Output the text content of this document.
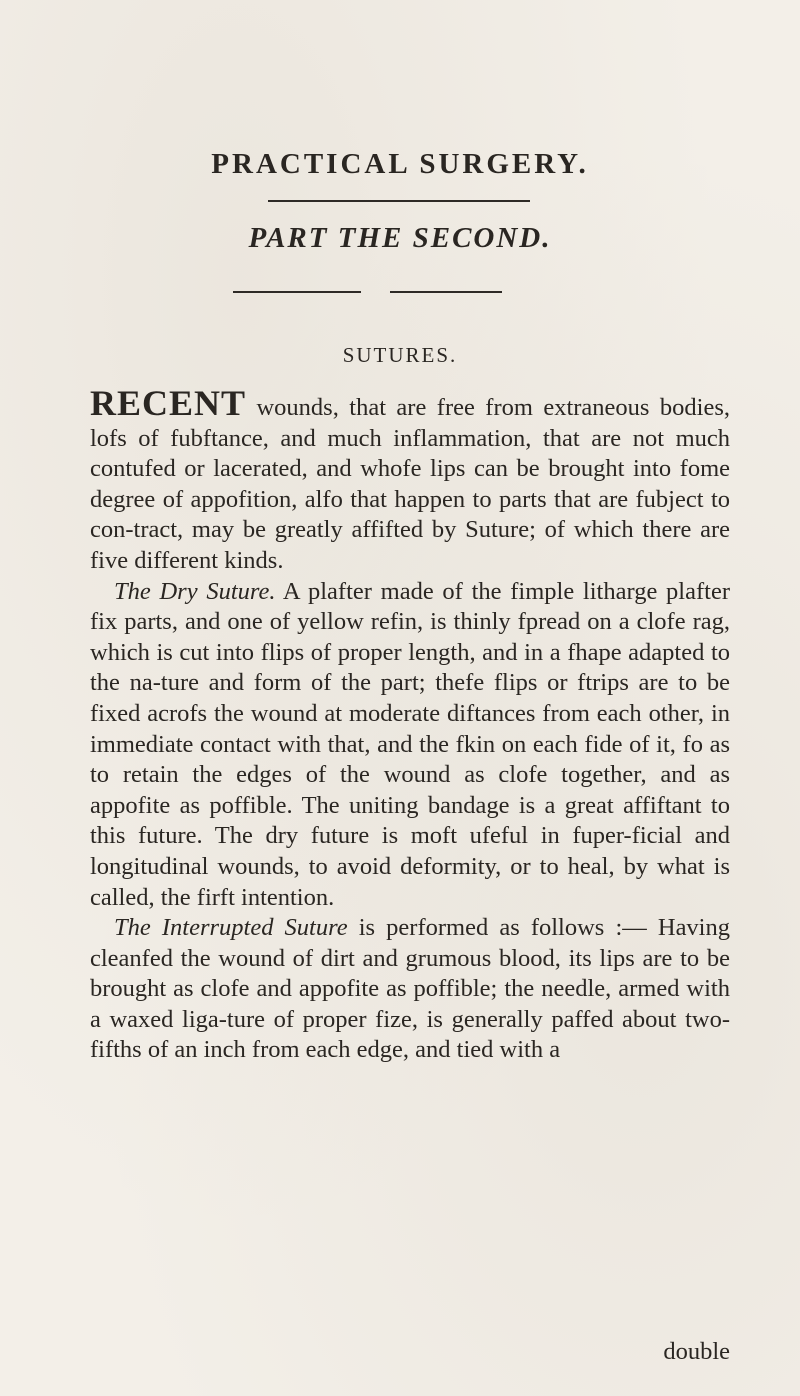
PRACTICAL SURGERY.
PART THE SECOND.
SUTURES.

RECENT wounds, that are free from extraneous bodies, lofs of fubftance, and much inflammation, that are not much contufed or lacerated, and whofe lips can be brought into fome degree of appofition, alfo that happen to parts that are fubject to con-tract, may be greatly affifted by Suture; of which there are five different kinds.

The Dry Suture. A plafter made of the fimple litharge plafter fix parts, and one of yellow refin, is thinly fpread on a clofe rag, which is cut into flips of proper length, and in a fhape adapted to the na-ture and form of the part; thefe flips or ftrips are to be fixed acrofs the wound at moderate diftances from each other, in immediate contact with that, and the fkin on each fide of it, fo as to retain the edges of the wound as clofe together, and as appofite as poffible. The uniting bandage is a great affiftant to this future. The dry future is moft ufeful in fuper-ficial and longitudinal wounds, to avoid deformity, or to heal, by what is called, the firft intention.

The Interrupted Suture is performed as follows :— Having cleanfed the wound of dirt and grumous blood, its lips are to be brought as clofe and appofite as poffible; the needle, armed with a waxed liga-ture of proper fize, is generally paffed about two-fifths of an inch from each edge, and tied with a

double
